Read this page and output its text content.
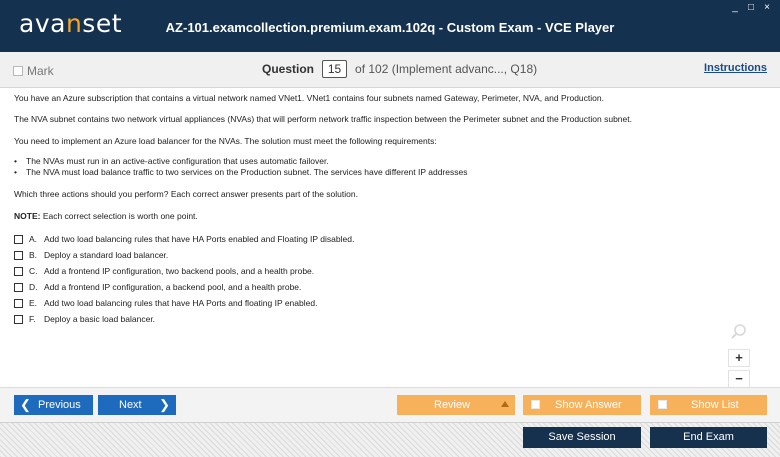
avanset	AZ-101.examcollection.premium.exam.102q - Custom Exam - VCE Player
_ □ ×
Mark	Question	15	of 102 (Implement advanc..., Q18)	Instructions

You have an Azure subscription that contains a virtual network named VNet1. VNet1 contains four subnets named Gateway, Perimeter, NVA, and Production.

The NVA subnet contains two network virtual appliances (NVAs) that will perform network traffic inspection between the Perimeter subnet and the Production subnet.

You need to implement an Azure load balancer for the NVAs. The solution must meet the following requirements:

• The NVAs must run in an active-active configuration that uses automatic failover.
• The NVA must load balance traffic to two services on the Production subnet. The services have different IP addresses

Which three actions should you perform? Each correct answer presents part of the solution.

NOTE: Each correct selection is worth one point.

A. Add two load balancing rules that have HA Ports enabled and Floating IP disabled.
B. Deploy a standard load balancer.
C. Add a frontend IP configuration, two backend pools, and a health probe.
D. Add a frontend IP configuration, a backend pool, and a health probe.
E. Add two load balancing rules that have HA Ports and floating IP enabled.
F. Deploy a basic load balancer.
+
−
❮ Previous	Next ❯	Review	Show Answer	Show List
Save Session	End Exam
